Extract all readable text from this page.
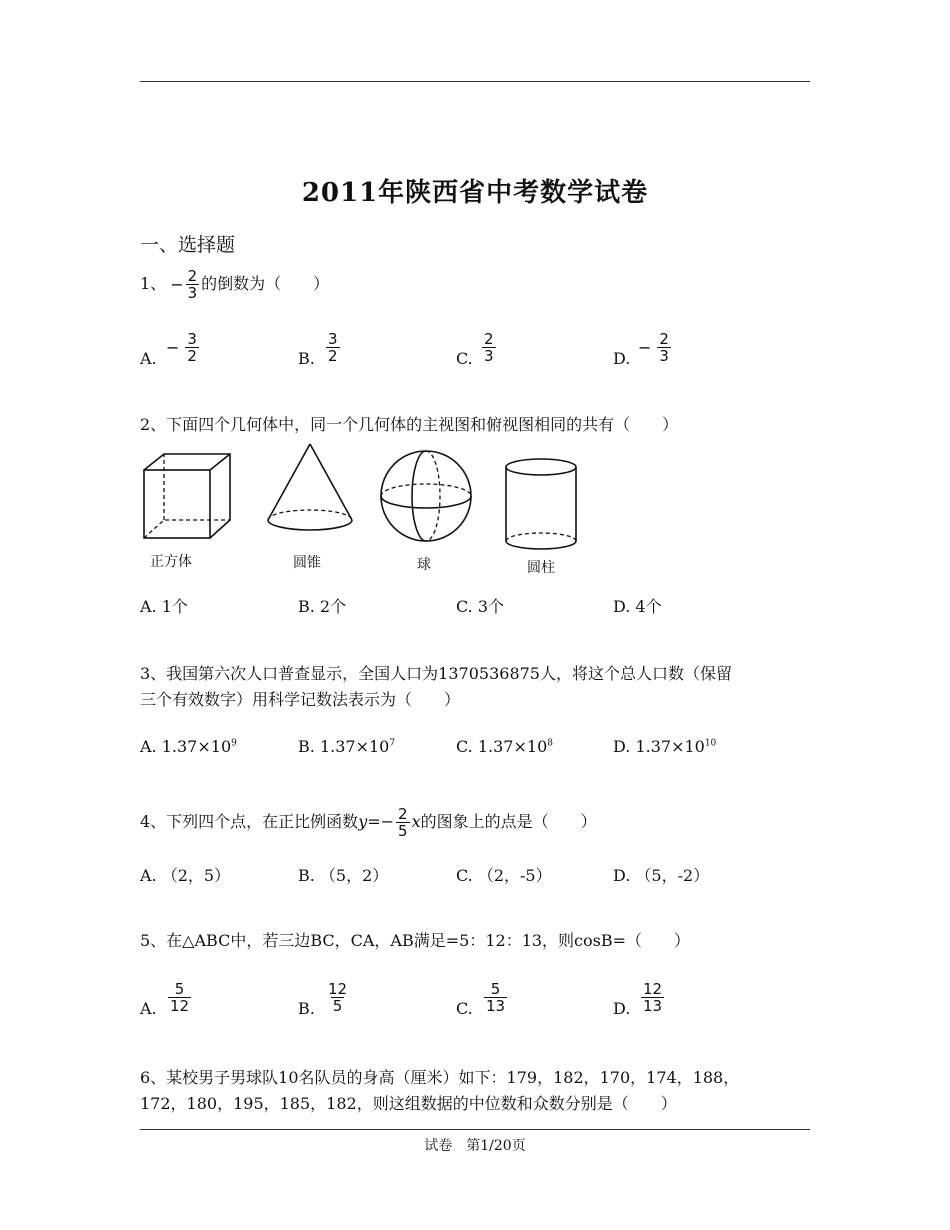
2011年陕西省中考数学试卷
一、选择题
1、 − $\frac{2}{3}$ 的倒数为（　　）
A.
− $\frac{3}{2}$	B. $\frac{3}{2}$	C. $\frac{2}{3}$	D.
− $\frac{2}{3}$
2、下面四个几何体中，同一个几何体的主视图和俯视图相同的共有（　　）
正方体	圆锥	球	圆柱
A. 1个	B. 2个	C. 3个	D. 4个
3、我国第六次人口普查显示，全国人口为1370536875人，将这个总人口数（保留
三个有效数字）用科学记数法表示为（　　）
A. $1.37\times 10^9$	B. $1.37\times 10^7$	C. $1.37\times 10^8$	D. $1.37\times 10^{10}$
4、下列四个点，在正比例函数$y=- \frac{2}{5}$ x的图象上的点是（　　）
A. （2，5）	B. （5，2）	C. （2，-5）	D. （5，-2）
5、在△ABC中，若三边BC，CA，AB满足=5：12：13，则cosB=（　　）
A. $\frac{5}{12}$	B. $\frac{12}{5}$	C. $\frac{5}{13}$	D. $\frac{12}{13}$
6、某校男子男球队10名队员的身高（厘米）如下：179，182，170，174，188，
172，180，195，185，182，则这组数据的中位数和众数分别是（　　）
试卷　第1/20页
